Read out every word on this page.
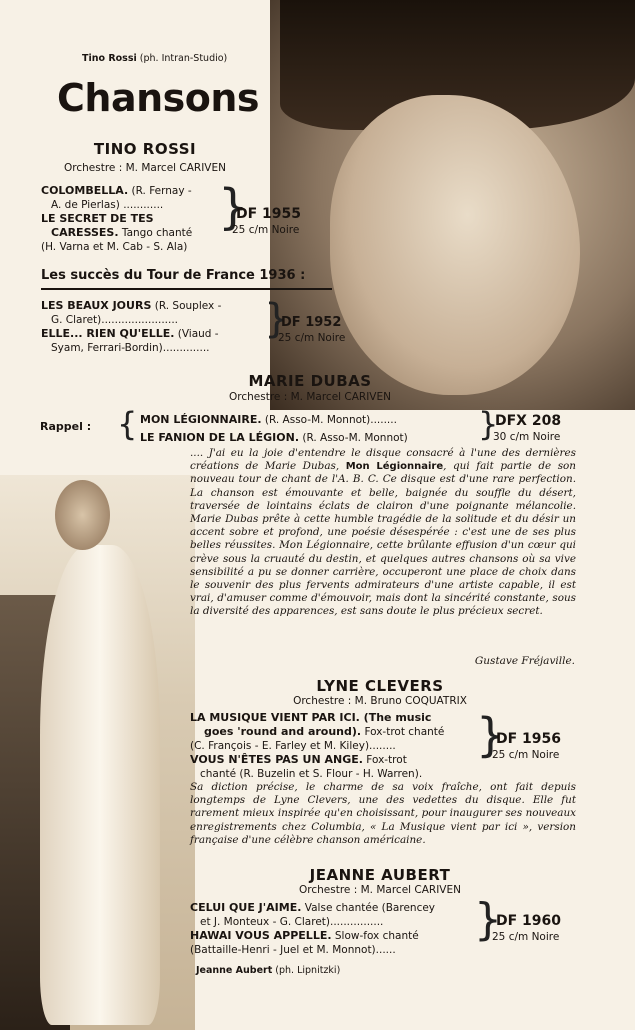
Tino Rossi (ph. Intran-Studio)
Chansons
TINO ROSSI
Orchestre : M. Marcel CARIVEN
COLOMBELLA. (R. Fernay -
A. de Pierlas) ............
LE SECRET DE TES
CARESSES. Tango chanté
(H. Varna et M. Cab - S. Ala)
}
DF 1955
25 c/m Noire
Les succès du Tour de France 1936 :
LES BEAUX JOURS (R. Souplex -
G. Claret).......................
ELLE... RIEN QU'ELLE. (Viaud -
Syam, Ferrari-Bordin)..............
}
DF 1952
25 c/m Noire
MARIE DUBAS
Orchestre : M. Marcel CARIVEN
Rappel : { MON LÉGIONNAIRE. (R. Asso-M. Monnot)........
LE FANION DE LA LÉGION. (R. Asso-M. Monnot) }
DFX 208
30 c/m Noire
.... J'ai eu la joie d'entendre le disque consacré à l'une des dernières créations de Marie Dubas, Mon Légionnaire, qui fait partie de son nouveau tour de chant de l'A. B. C. Ce disque est d'une rare perfection. La chanson est émouvante et belle, baignée du souffle du désert, traversée de lointains éclats de clairon d'une poignante mélancolie. Marie Dubas prête à cette humble tragédie de la solitude et du désir un accent sobre et profond, une poésie désespérée : c'est une de ses plus belles réussites. Mon Légionnaire, cette brûlante effusion d'un cœur qui crève sous la cruauté du destin, et quelques autres chansons où sa vive sensibilité a pu se donner carrière, occuperont une place de choix dans le souvenir des plus fervents admirateurs d'une artiste capable, il est vrai, d'amuser comme d'émouvoir, mais dont la sincérité constante, sous la diversité des apparences, est sans doute le plus précieux secret.
Gustave Fréjaville.
LYNE CLEVERS
Orchestre : M. Bruno COQUATRIX
LA MUSIQUE VIENT PAR ICI. (The music
goes 'round and around). Fox-trot chanté
(C. François - E. Farley et M. Kiley)........
VOUS N'ÊTES PAS UN ANGE. Fox-trot
chanté (R. Buzelin et S. Flour - H. Warren).
}
DF 1956
25 c/m Noire
Sa diction précise, le charme de sa voix fraîche, ont fait depuis longtemps de Lyne Clevers, une des vedettes du disque. Elle fut rarement mieux inspirée qu'en choisissant, pour inaugurer ses nouveaux enregistrements chez Columbia, « La Musique vient par ici », version française d'une célèbre chanson américaine.
JEANNE AUBERT
Orchestre : M. Marcel CARIVEN
CELUI QUE J'AIME. Valse chantée (Barencey
et J. Monteux - G. Claret)................
HAWAI VOUS APPELLE. Slow-fox chanté
(Battaille-Henri - Juel et M. Monnot)......
}
DF 1960
25 c/m Noire
Jeanne Aubert (ph. Lipnitzki)
